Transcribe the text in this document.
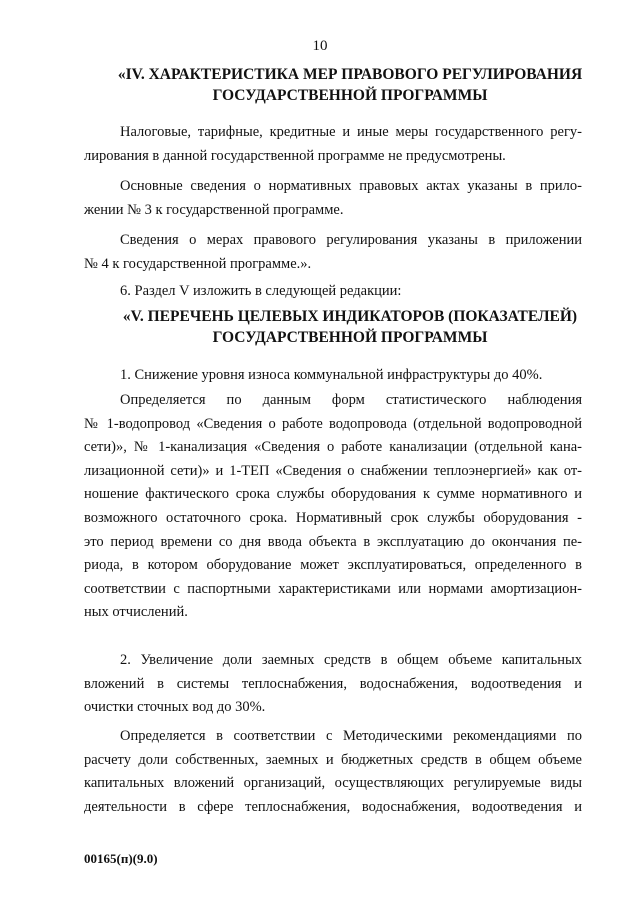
10
«IV. ХАРАКТЕРИСТИКА МЕР ПРАВОВОГО РЕГУЛИРОВАНИЯ
ГОСУДАРСТВЕННОЙ ПРОГРАММЫ
Налоговые, тарифные, кредитные и иные меры государственного регу-
лирования в данной государственной программе не предусмотрены.
Основные сведения о нормативных правовых актах указаны в прило-
жении № 3 к государственной программе.
Сведения о мерах правового регулирования указаны в приложении
№ 4 к государственной программе.».
6. Раздел V изложить в следующей редакции:
«V. ПЕРЕЧЕНЬ ЦЕЛЕВЫХ ИНДИКАТОРОВ (ПОКАЗАТЕЛЕЙ)
ГОСУДАРСТВЕННОЙ ПРОГРАММЫ
1. Снижение уровня износа коммунальной инфраструктуры до 40%.
Определяется по данным форм статистического наблюдения
№ 1-водопровод «Сведения о работе водопровода (отдельной водопроводной
сети)», № 1-канализация «Сведения о работе канализации (отдельной кана-
лизационной сети)» и 1-ТЕП «Сведения о снабжении теплоэнергией» как от-
ношение фактического срока службы оборудования к сумме нормативного и
возможного остаточного срока. Нормативный срок службы оборудования -
это период времени со дня ввода объекта в эксплуатацию до окончания пе-
риода, в котором оборудование может эксплуатироваться, определенного в
соответствии с паспортными характеристиками или нормами амортизацион-
ных отчислений.
2. Увеличение доли заемных средств в общем объеме капитальных
вложений в системы теплоснабжения, водоснабжения, водоотведения и
очистки сточных вод до 30%.
Определяется в соответствии с Методическими рекомендациями по
расчету доли собственных, заемных и бюджетных средств в общем объеме
капитальных вложений организаций, осуществляющих регулируемые виды
деятельности в сфере теплоснабжения, водоснабжения, водоотведения и
00165(п)(9.0)
